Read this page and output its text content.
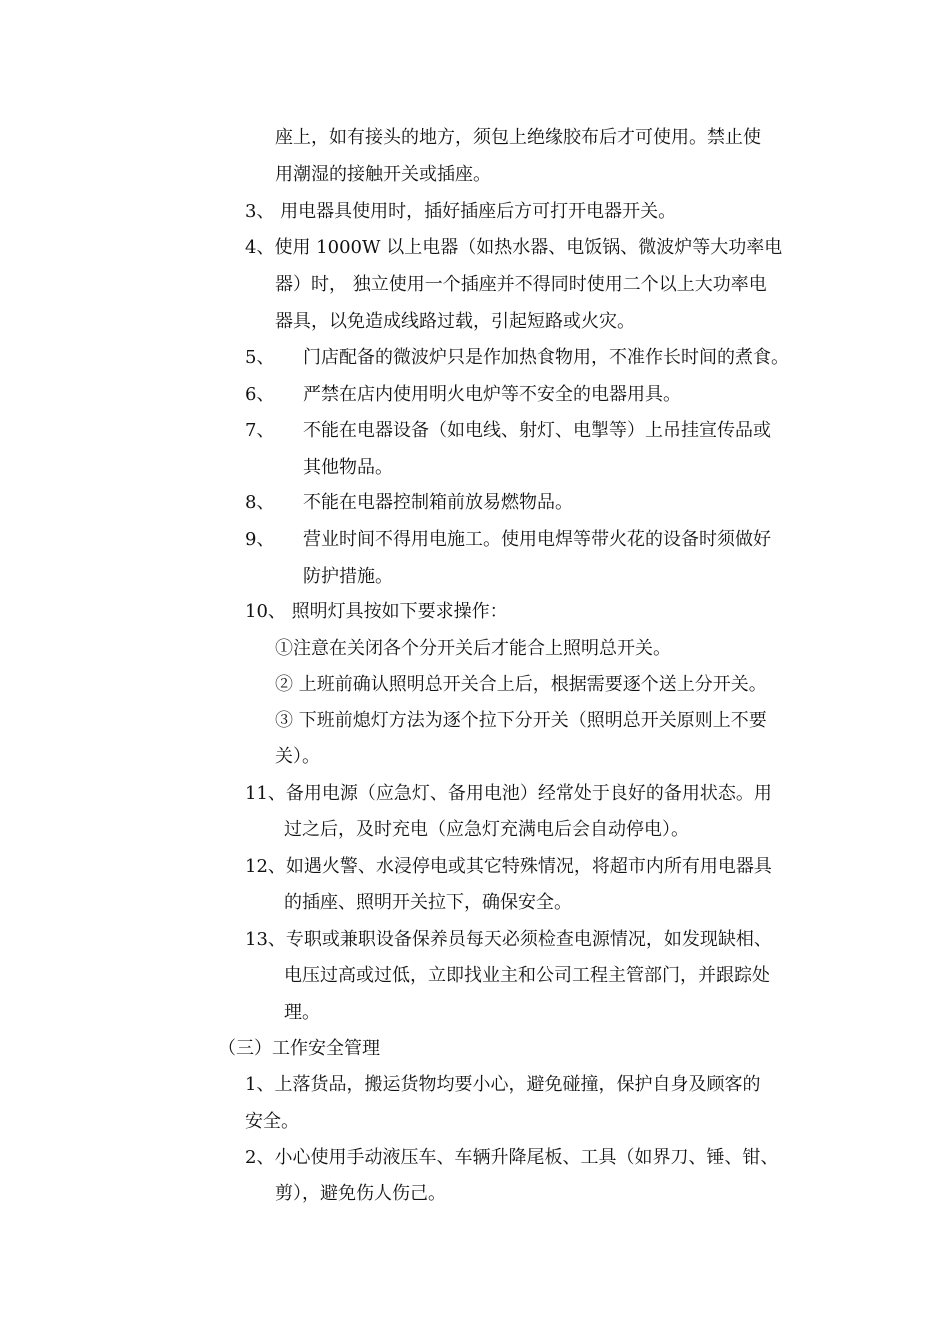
座上，如有接头的地方，须包上绝缘胶布后才可使用。禁止使
用潮湿的接触开关或插座。
3、 用电器具使用时，插好插座后方可打开电器开关。
4、使用 1000W 以上电器（如热水器、电饭锅、微波炉等大功率电
器）时， 独立使用一个插座并不得同时使用二个以上大功率电
器具，以免造成线路过载，引起短路或火灾。
5、 门店配备的微波炉只是作加热食物用，不准作长时间的煮食。
6、 严禁在店内使用明火电炉等不安全的电器用具。
7、 不能在电器设备（如电线、射灯、电掣等）上吊挂宣传品或
其他物品。
8、 不能在电器控制箱前放易燃物品。
9、 营业时间不得用电施工。使用电焊等带火花的设备时须做好
防护措施。
10、 照明灯具按如下要求操作：
①注意在关闭各个分开关后才能合上照明总开关。
② 上班前确认照明总开关合上后，根据需要逐个送上分开关。
③ 下班前熄灯方法为逐个拉下分开关（照明总开关原则上不要
关）。
11、备用电源（应急灯、备用电池）经常处于良好的备用状态。用
过之后，及时充电（应急灯充满电后会自动停电）。
12、如遇火警、水浸停电或其它特殊情况，将超市内所有用电器具
的插座、照明开关拉下，确保安全。
13、专职或兼职设备保养员每天必须检查电源情况，如发现缺相、
电压过高或过低，立即找业主和公司工程主管部门，并跟踪处
理。
（三）工作安全管理
1、上落货品，搬运货物均要小心，避免碰撞，保护自身及顾客的
安全。
2、小心使用手动液压车、车辆升降尾板、工具（如界刀、锤、钳、
剪），避免伤人伤己。
